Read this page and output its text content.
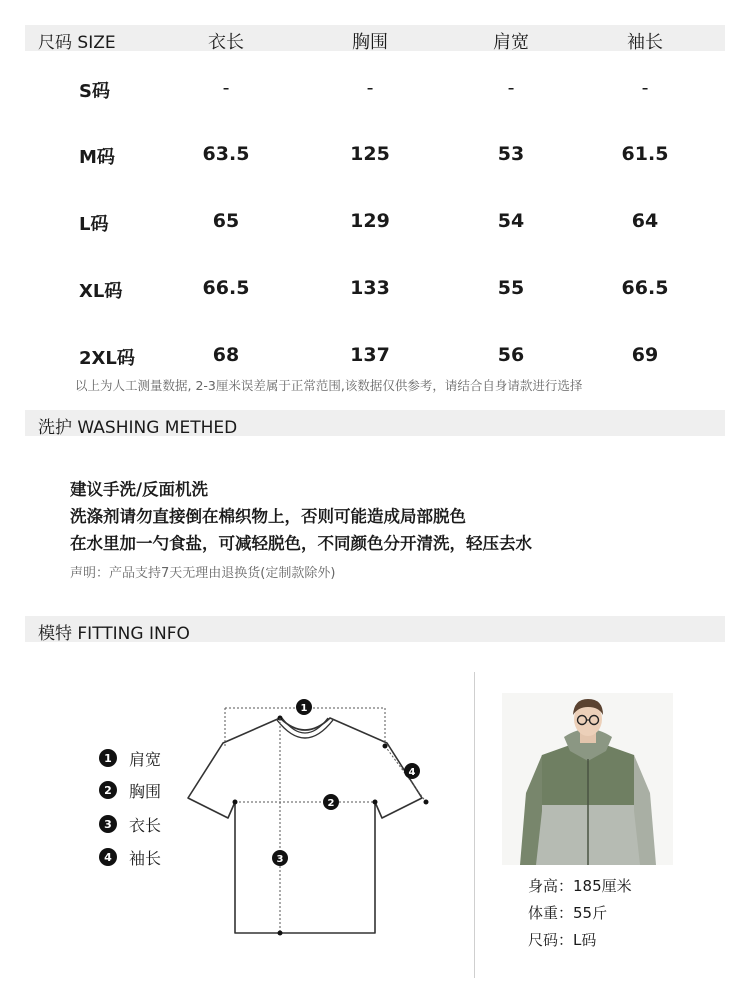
尺码 SIZE	衣长	胸围	肩宽	袖长
S码	-	-	-	-
M码	63.5	125	53	61.5
L码	65	129	54	64
XL码	66.5	133	55	66.5
2XL码	68	137	56	69
以上为人工测量数据, 2-3厘米误差属于正常范围,该数据仅供参考，请结合自身请款进行选择
洗护 WASHING METHED
建议手洗/反面机洗
洗涤剂请勿直接倒在棉织物上，否则可能造成局部脱色
在水里加一勺食盐，可减轻脱色，不同颜色分开清洗，轻压去水
声明：产品支持7天无理由退换货(定制款除外)
模特 FITTING INFO
1	肩宽
2	胸围
3	衣长
4	袖长
1
2
3
4
身高：185厘米
体重：55斤
尺码：L码
